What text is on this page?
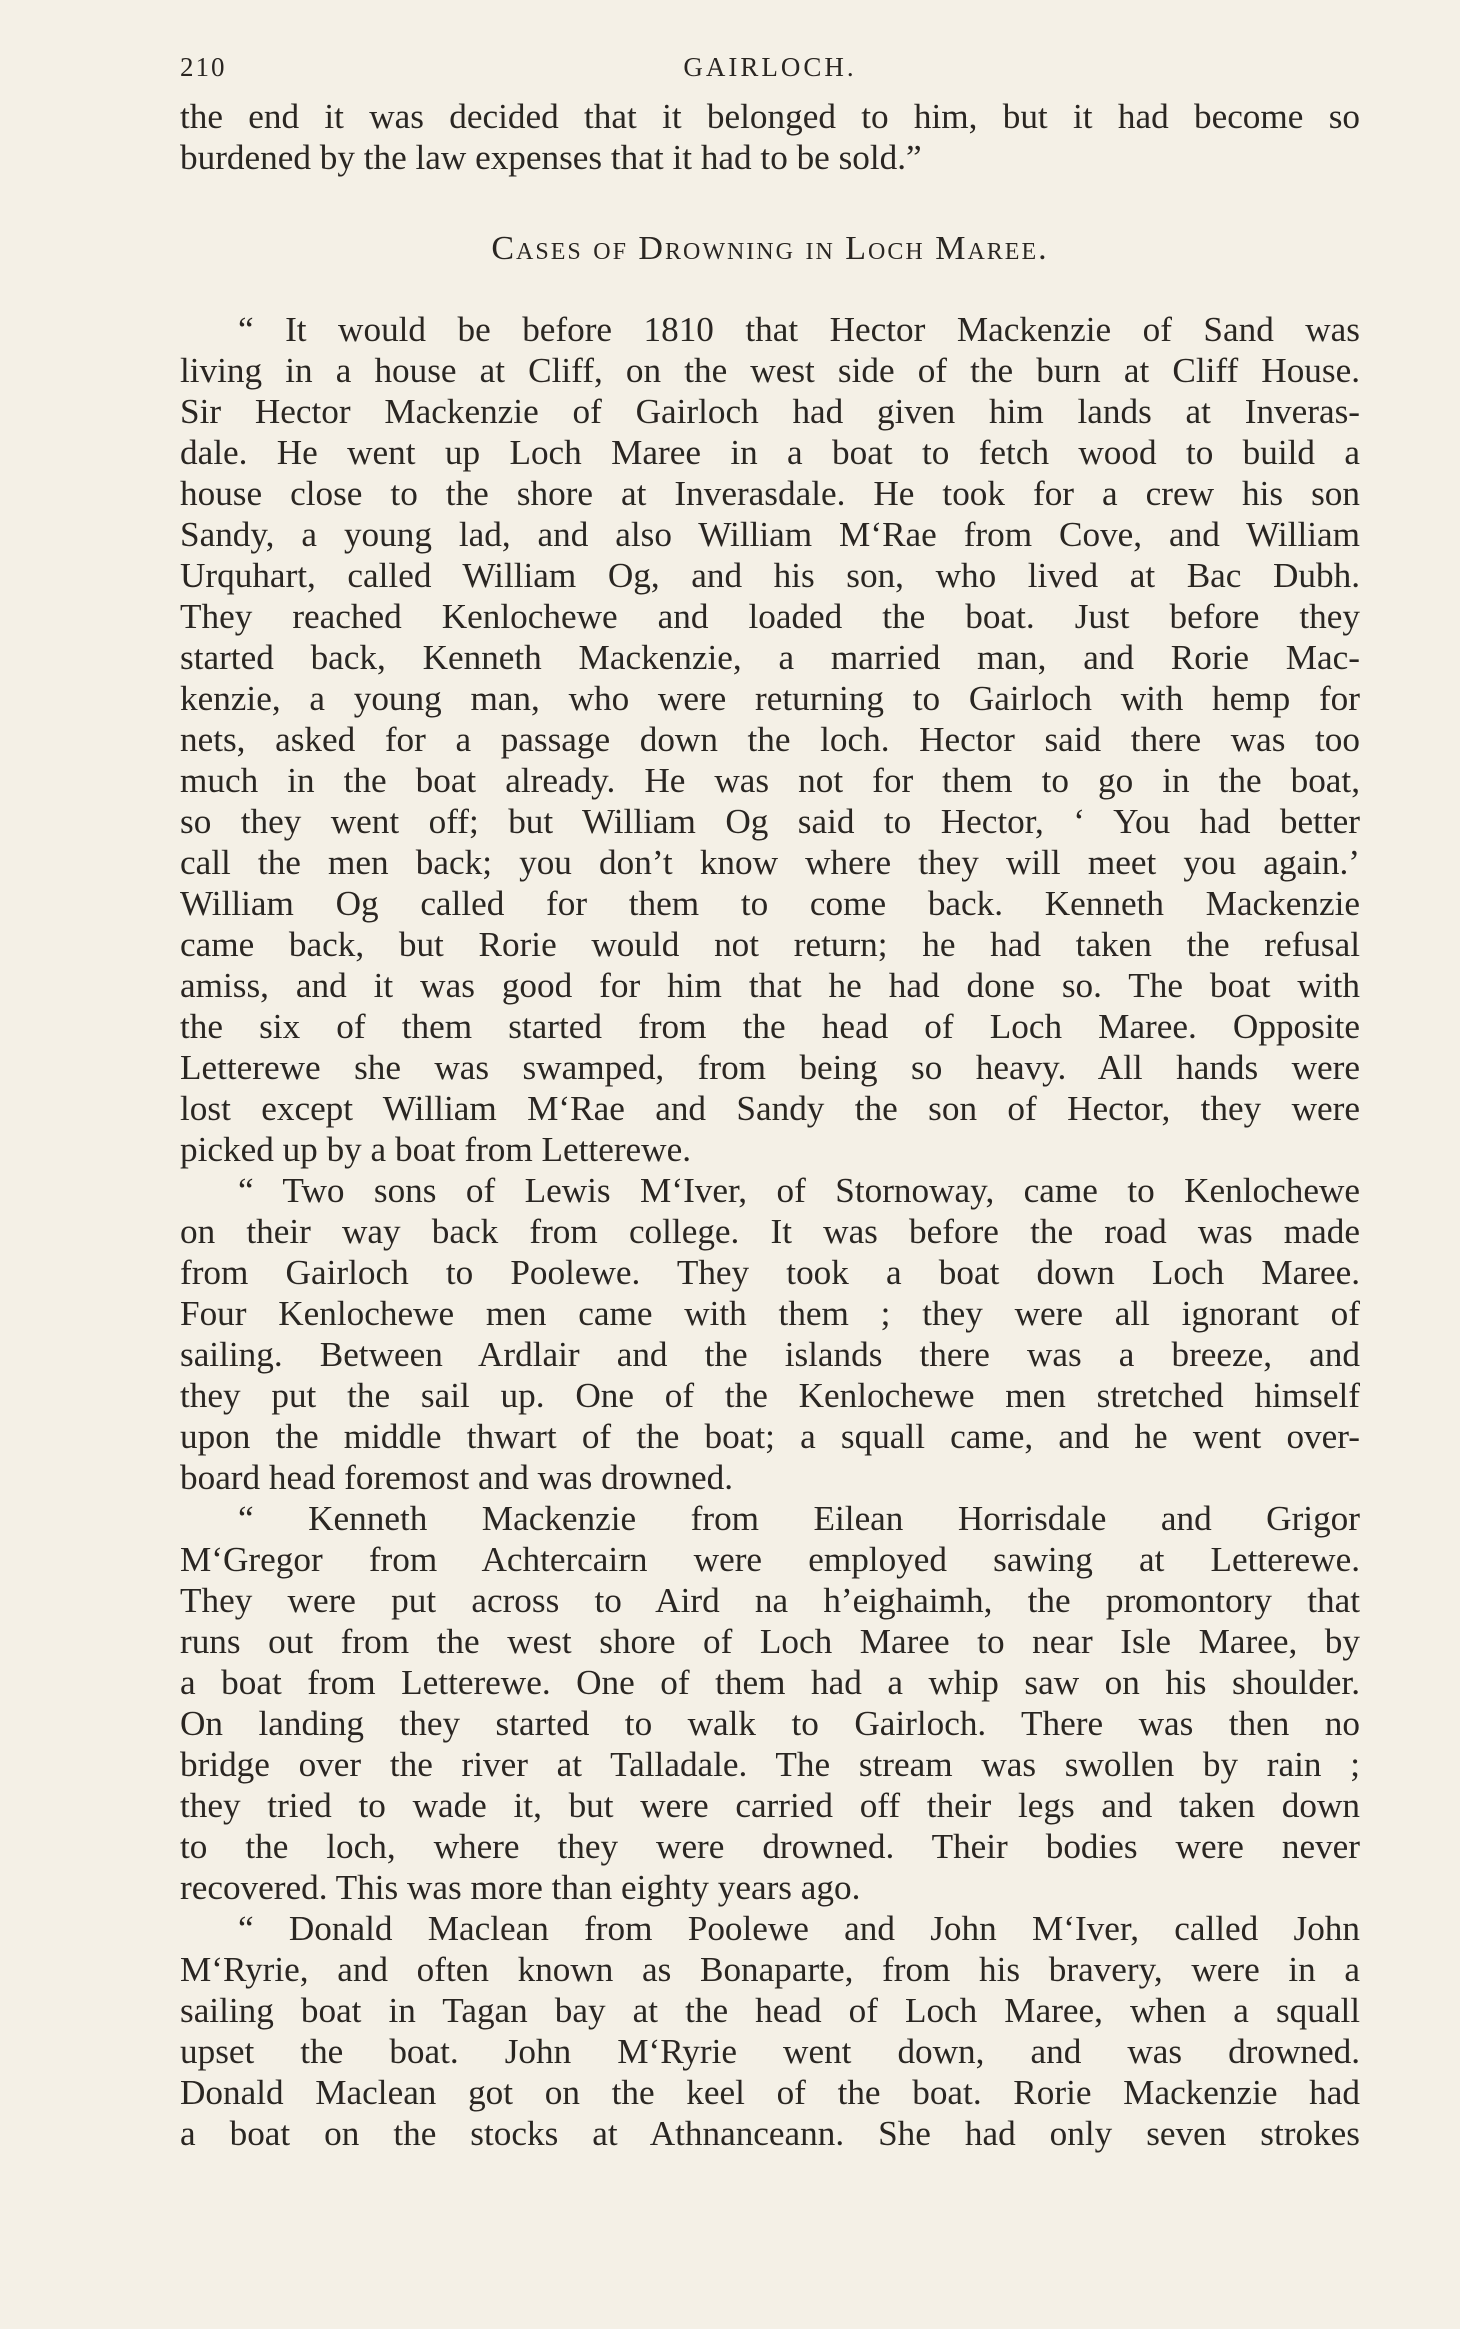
210	GAIRLOCH.
the end it was decided that it belonged to him, but it had become so
burdened by the law expenses that it had to be sold.”
Cases of Drowning in Loch Maree.
“ It would be before 1810 that Hector Mackenzie of Sand was
living in a house at Cliff, on the west side of the burn at Cliff House.
Sir Hector Mackenzie of Gairloch had given him lands at Inveras-
dale. He went up Loch Maree in a boat to fetch wood to build a
house close to the shore at Inverasdale. He took for a crew his son
Sandy, a young lad, and also William M‘Rae from Cove, and William
Urquhart, called William Og, and his son, who lived at Bac Dubh.
They reached Kenlochewe and loaded the boat. Just before they
started back, Kenneth Mackenzie, a married man, and Rorie Mac-
kenzie, a young man, who were returning to Gairloch with hemp for
nets, asked for a passage down the loch. Hector said there was too
much in the boat already. He was not for them to go in the boat,
so they went off; but William Og said to Hector, ‘ You had better
call the men back; you don’t know where they will meet you again.’
William Og called for them to come back. Kenneth Mackenzie
came back, but Rorie would not return; he had taken the refusal
amiss, and it was good for him that he had done so. The boat with
the six of them started from the head of Loch Maree. Opposite
Letterewe she was swamped, from being so heavy. All hands were
lost except William M‘Rae and Sandy the son of Hector, they were
picked up by a boat from Letterewe.
“ Two sons of Lewis M‘Iver, of Stornoway, came to Kenlochewe
on their way back from college. It was before the road was made
from Gairloch to Poolewe. They took a boat down Loch Maree.
Four Kenlochewe men came with them ; they were all ignorant of
sailing. Between Ardlair and the islands there was a breeze, and
they put the sail up. One of the Kenlochewe men stretched himself
upon the middle thwart of the boat; a squall came, and he went over-
board head foremost and was drowned.
“ Kenneth Mackenzie from Eilean Horrisdale and Grigor
M‘Gregor from Achtercairn were employed sawing at Letterewe.
They were put across to Aird na h’eighaimh, the promontory that
runs out from the west shore of Loch Maree to near Isle Maree, by
a boat from Letterewe. One of them had a whip saw on his shoulder.
On landing they started to walk to Gairloch. There was then no
bridge over the river at Talladale. The stream was swollen by rain ;
they tried to wade it, but were carried off their legs and taken down
to the loch, where they were drowned. Their bodies were never
recovered. This was more than eighty years ago.
“ Donald Maclean from Poolewe and John M‘Iver, called John
M‘Ryrie, and often known as Bonaparte, from his bravery, were in a
sailing boat in Tagan bay at the head of Loch Maree, when a squall
upset the boat. John M‘Ryrie went down, and was drowned.
Donald Maclean got on the keel of the boat. Rorie Mackenzie had
a boat on the stocks at Athnanceann. She had only seven strokes
